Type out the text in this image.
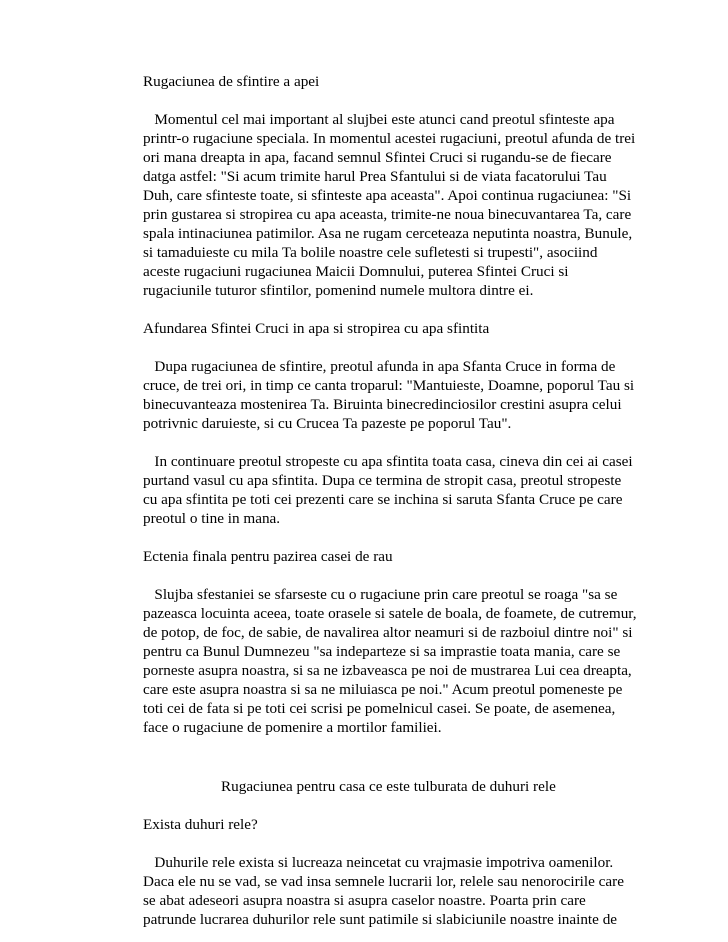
Rugaciunea de sfintire a apei
Momentul cel mai important al slujbei este atunci cand preotul sfinteste apa
printr-o rugaciune speciala. In momentul acestei rugaciuni, preotul afunda de trei
ori mana dreapta in apa, facand semnul Sfintei Cruci si rugandu-se de fiecare
datga astfel: "Si acum trimite harul Prea Sfantului si de viata facatorului Tau
Duh, care sfinteste toate, si sfinteste apa aceasta". Apoi continua rugaciunea: "Si
prin gustarea si stropirea cu apa aceasta, trimite-ne noua binecuvantarea Ta, care
spala intinaciunea patimilor. Asa ne rugam cerceteaza neputinta noastra, Bunule,
si tamaduieste cu mila Ta bolile noastre cele sufletesti si trupesti", asociind
aceste rugaciuni rugaciunea Maicii Domnului, puterea Sfintei Cruci si
rugaciunile tuturor sfintilor, pomenind numele multora dintre ei.
Afundarea Sfintei Cruci in apa si stropirea cu apa sfintita
Dupa rugaciunea de sfintire, preotul afunda in apa Sfanta Cruce in forma de
cruce, de trei ori, in timp ce canta troparul: "Mantuieste, Doamne, poporul Tau si
binecuvanteaza mostenirea Ta. Biruinta binecredinciosilor crestini asupra celui
potrivnic daruieste, si cu Crucea Ta pazeste pe poporul Tau".
In continuare preotul stropeste cu apa sfintita toata casa, cineva din cei ai casei
purtand vasul cu apa sfintita. Dupa ce termina de stropit casa, preotul stropeste
cu apa sfintita pe toti cei prezenti care se inchina si saruta Sfanta Cruce pe care
preotul o tine in mana.
Ectenia finala pentru pazirea casei de rau
Slujba sfestaniei se sfarseste cu o rugaciune prin care preotul se roaga "sa se
pazeasca locuinta aceea, toate orasele si satele de boala, de foamete, de cutremur,
de potop, de foc, de sabie, de navalirea altor neamuri si de razboiul dintre noi" si
pentru ca Bunul Dumnezeu "sa indeparteze si sa imprastie toata mania, care se
porneste asupra noastra, si sa ne izbaveasca pe noi de mustrarea Lui cea dreapta,
care este asupra noastra si sa ne miluiasca pe noi." Acum preotul pomeneste pe
toti cei de fata si pe toti cei scrisi pe pomelnicul casei. Se poate, de asemenea,
face o rugaciune de pomenire a mortilor familiei.
Rugaciunea pentru casa ce este tulburata de duhuri rele
Exista duhuri rele?
Duhurile rele exista si lucreaza neincetat cu vrajmasie impotriva oamenilor.
Daca ele nu se vad, se vad insa semnele lucrarii lor, relele sau nenorocirile care
se abat adeseori asupra noastra si asupra caselor noastre. Poarta prin care
patrunde lucrarea duhurilor rele sunt patimile si slabiciunile noastre inainte de
